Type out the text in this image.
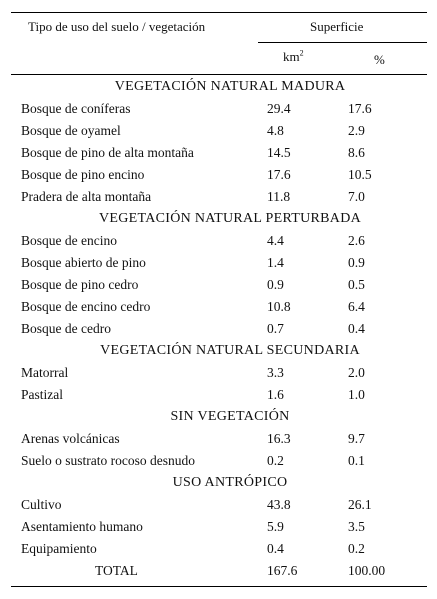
Tipo de uso del suelo / vegetación	Superficie
$km^2$	%
VEGETACIÓN NATURAL MADURA
Bosque de coníferas	29.4	17.6
Bosque de oyamel	4.8	2.9
Bosque de pino de alta montaña	14.5	8.6
Bosque de pino encino	17.6	10.5
Pradera de alta montaña	11.8	7.0
VEGETACIÓN NATURAL PERTURBADA
Bosque de encino	4.4	2.6
Bosque abierto de pino	1.4	0.9
Bosque de pino cedro	0.9	0.5
Bosque de encino cedro	10.8	6.4
Bosque de cedro	0.7	0.4
VEGETACIÓN NATURAL SECUNDARIA
Matorral	3.3	2.0
Pastizal	1.6	1.0
SIN VEGETACIÓN
Arenas volcánicas	16.3	9.7
Suelo o sustrato rocoso desnudo	0.2	0.1
USO ANTRÓPICO
Cultivo	43.8	26.1
Asentamiento humano	5.9	3.5
Equipamiento	0.4	0.2
TOTAL	167.6	100.00
